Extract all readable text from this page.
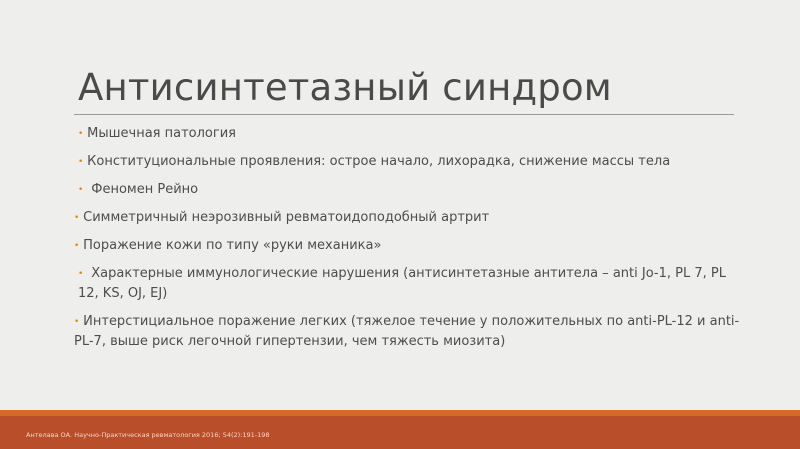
Антисинтетазный синдром
• Мышечная патология
• Конституциональные проявления: острое начало, лихорадка, снижение массы тела
•  Феномен Рейно
• Симметричный неэрозивный ревматоидоподобный артрит
• Поражение кожи по типу «руки механика»
•  Характерные иммунологические нарушения (антисинтетазные антитела – anti Jo-1, PL 7, PL 12, KS, OJ, EJ)
• Интерстициальное поражение легких (тяжелое течение у положительных по anti-PL-12 и anti-PL-7, выше риск легочной гипертензии, чем тяжесть миозита)
Антелава ОА. Научно-Практическая ревматология 2016; 54(2):191-198
